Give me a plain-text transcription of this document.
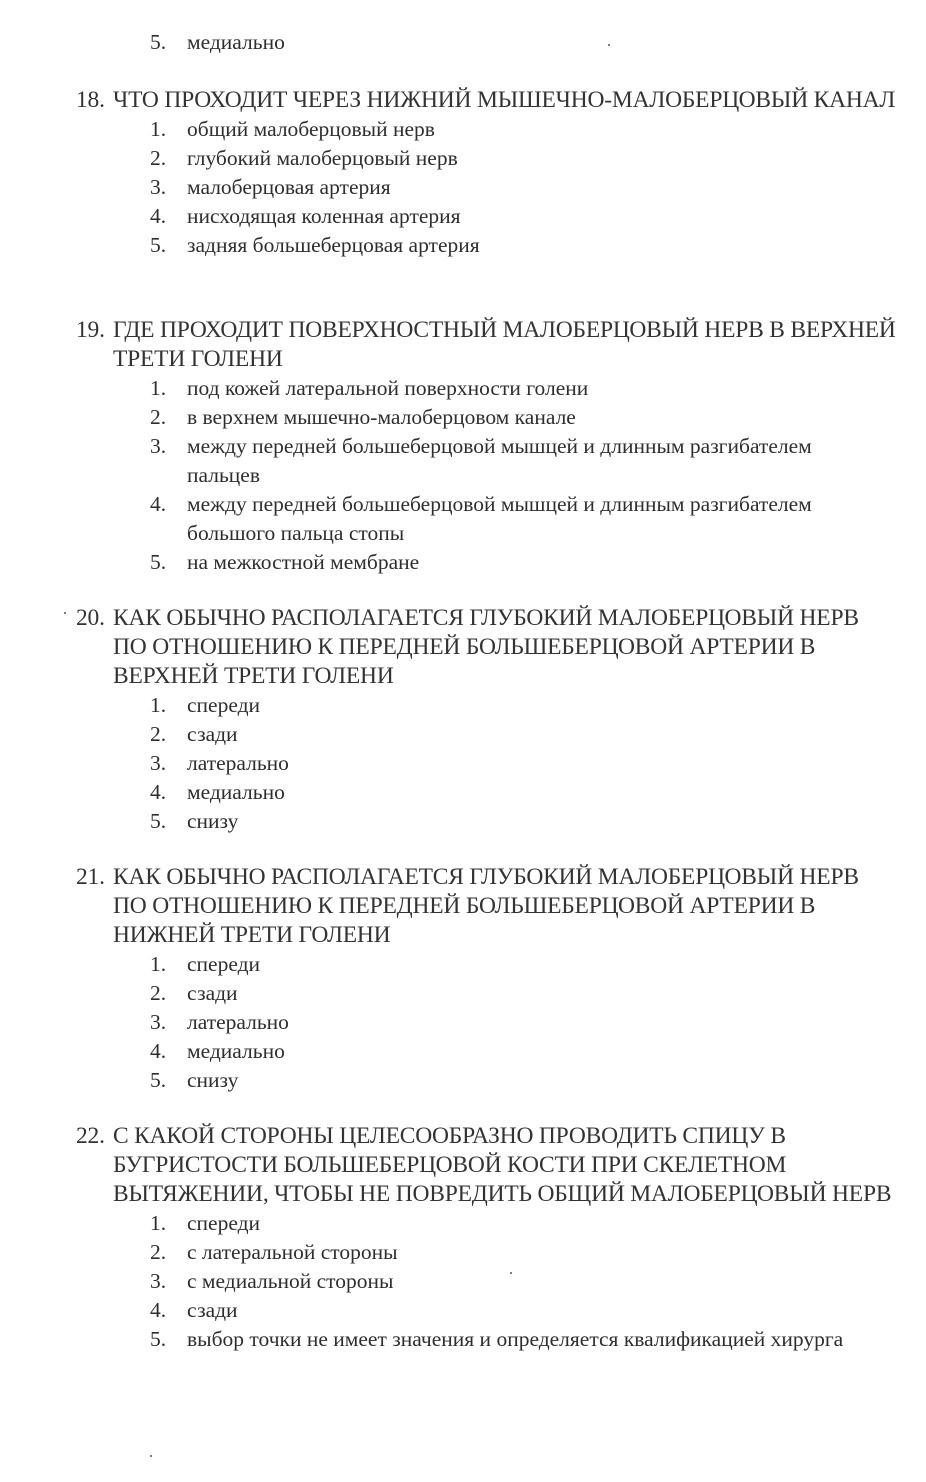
5. медиально
18. ЧТО ПРОХОДИТ ЧЕРЕЗ НИЖНИЙ МЫШЕЧНО-МАЛОБЕРЦОВЫЙ КАНАЛ
1. общий малоберцовый нерв
2. глубокий малоберцовый нерв
3. малоберцовая артерия
4. нисходящая коленная артерия
5. задняя большеберцовая артерия
19. ГДЕ ПРОХОДИТ ПОВЕРХНОСТНЫЙ МАЛОБЕРЦОВЫЙ НЕРВ В ВЕРХНЕЙ ТРЕТИ ГОЛЕНИ
1. под кожей латеральной поверхности голени
2. в верхнем мышечно-малоберцовом канале
3. между передней большеберцовой мышцей и длинным разгибателем пальцев
4. между передней большеберцовой мышцей и длинным разгибателем большого пальца стопы
5. на межкостной мембране
20. КАК ОБЫЧНО РАСПОЛАГАЕТСЯ ГЛУБОКИЙ МАЛОБЕРЦОВЫЙ НЕРВ ПО ОТНОШЕНИЮ К ПЕРЕДНЕЙ БОЛЬШЕБЕРЦОВОЙ АРТЕРИИ В ВЕРХНЕЙ ТРЕТИ ГОЛЕНИ
1. спереди
2. сзади
3. латерально
4. медиально
5. снизу
21. КАК ОБЫЧНО РАСПОЛАГАЕТСЯ ГЛУБОКИЙ МАЛОБЕРЦОВЫЙ НЕРВ ПО ОТНОШЕНИЮ К ПЕРЕДНЕЙ БОЛЬШЕБЕРЦОВОЙ АРТЕРИИ В НИЖНЕЙ ТРЕТИ ГОЛЕНИ
1. спереди
2. сзади
3. латерально
4. медиально
5. снизу
22. С КАКОЙ СТОРОНЫ ЦЕЛЕСООБРАЗНО ПРОВОДИТЬ СПИЦУ В БУГРИСТОСТИ БОЛЬШЕБЕРЦОВОЙ КОСТИ ПРИ СКЕЛЕТНОМ ВЫТЯЖЕНИИ, ЧТОБЫ НЕ ПОВРЕДИТЬ ОБЩИЙ МАЛОБЕРЦОВЫЙ НЕРВ
1. спереди
2. с латеральной стороны
3. с медиальной стороны
4. сзади
5. выбор точки не имеет значения и определяется квалификацией хирурга
